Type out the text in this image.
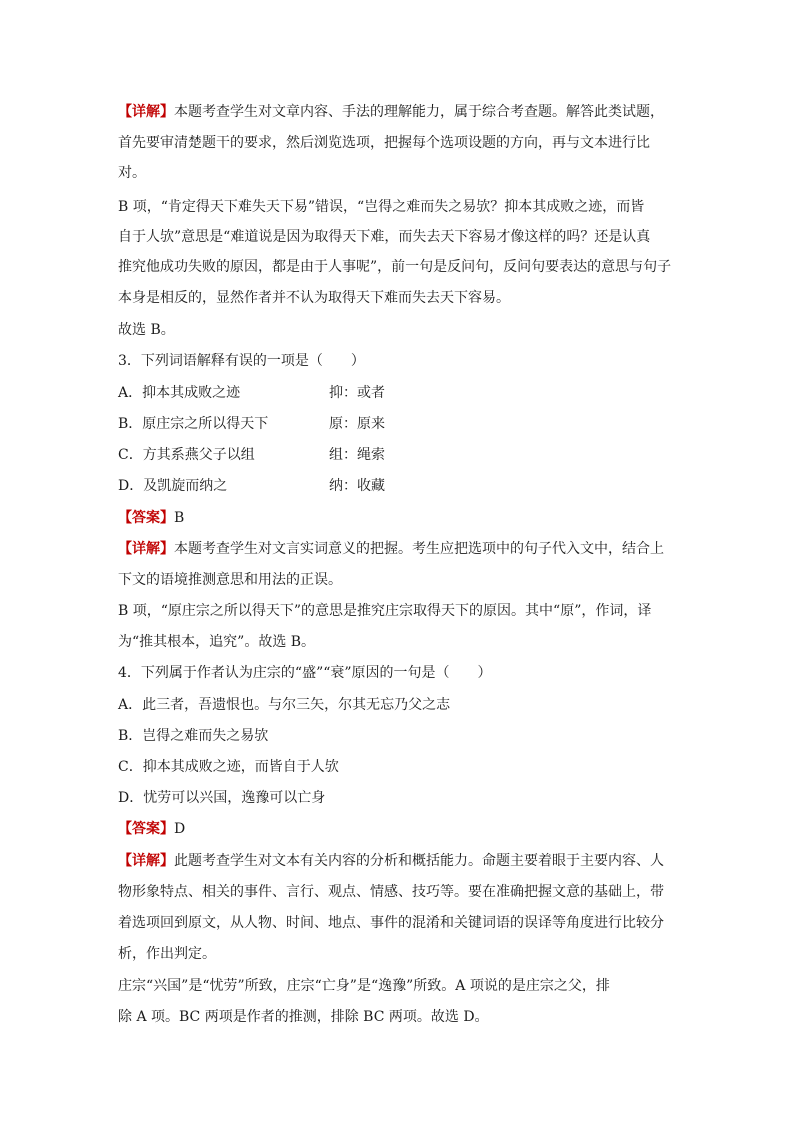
【详解】本题考查学生对文章内容、手法的理解能力，属于综合考查题。解答此类试题，
首先要审清楚题干的要求，然后浏览选项，把握每个选项设题的方向，再与文本进行比
对。
B 项，“肯定得天下难失天下易”错误，“岂得之难而失之易欤？抑本其成败之迹，而皆
自于人欤”意思是“难道说是因为取得天下难，而失去天下容易才像这样的吗？还是认真
推究他成功失败的原因，都是由于人事呢”，前一句是反问句，反问句要表达的意思与句子
本身是相反的，显然作者并不认为取得天下难而失去天下容易。
故选 B。
3．下列词语解释有误的一项是（　　）
A．抑本其成败之迹	抑：或者
B．原庄宗之所以得天下	原：原来
C．方其系燕父子以组	组：绳索
D．及凯旋而纳之	纳：收藏
【答案】B
【详解】本题考查学生对文言实词意义的把握。考生应把选项中的句子代入文中，结合上
下文的语境推测意思和用法的正误。
B 项，“原庄宗之所以得天下”的意思是推究庄宗取得天下的原因。其中“原”，作词，译
为“推其根本，追究”。故选 B。
4．下列属于作者认为庄宗的“盛”“衰”原因的一句是（　　）
A．此三者，吾遗恨也。与尔三矢，尔其无忘乃父之志
B．岂得之难而失之易欤
C．抑本其成败之迹，而皆自于人欤
D．忧劳可以兴国，逸豫可以亡身
【答案】D
【详解】此题考查学生对文本有关内容的分析和概括能力。命题主要着眼于主要内容、人
物形象特点、相关的事件、言行、观点、情感、技巧等。要在准确把握文意的基础上，带
着选项回到原文，从人物、时间、地点、事件的混淆和关键词语的误译等角度进行比较分
析，作出判定。
庄宗“兴国”是“忧劳”所致，庄宗“亡身”是“逸豫”所致。A 项说的是庄宗之父，排
除 A 项。BC 两项是作者的推测，排除 BC 两项。故选 D。
